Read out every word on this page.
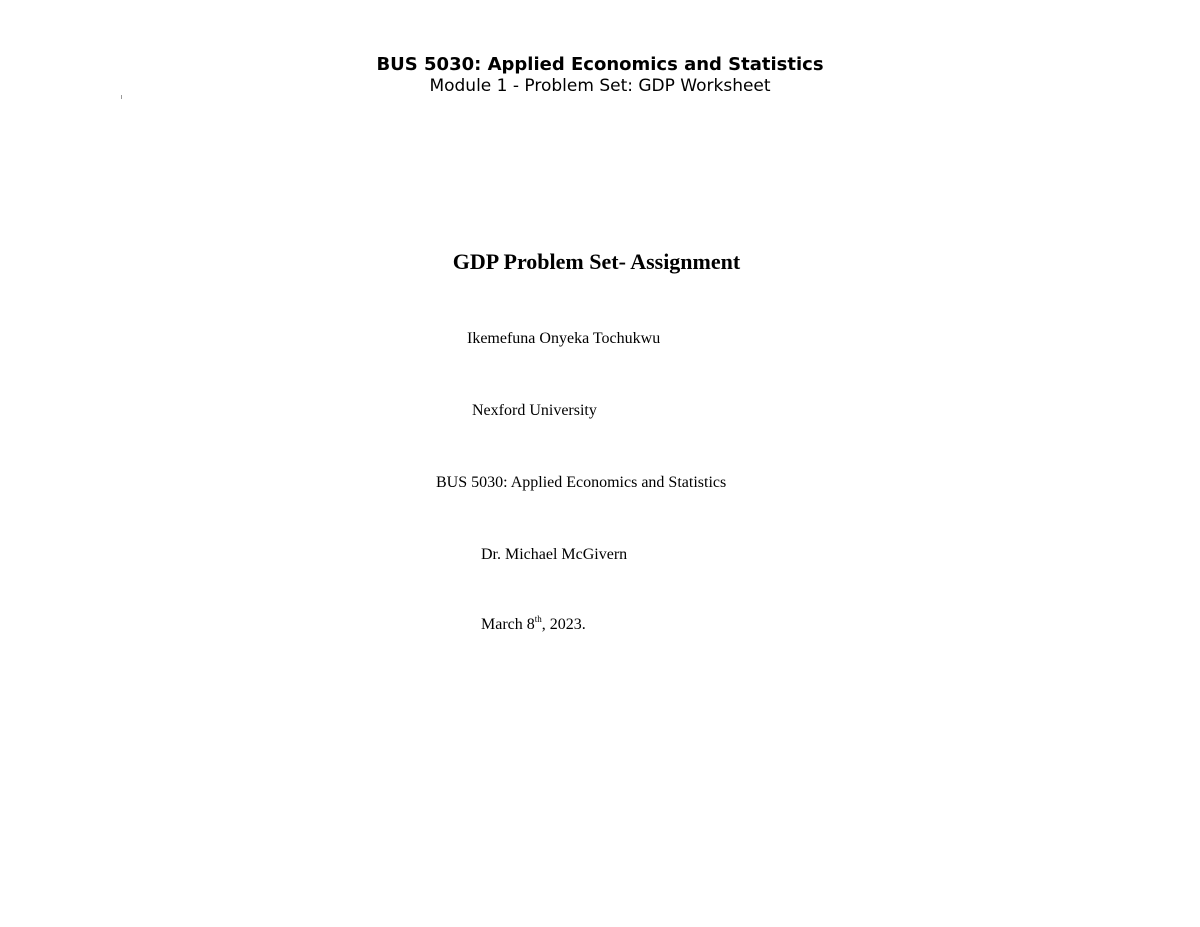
BUS 5030: Applied Economics and Statistics
Module 1 - Problem Set: GDP Worksheet
GDP Problem Set- Assignment
Ikemefuna Onyeka Tochukwu
Nexford University
BUS 5030: Applied Economics and Statistics
Dr. Michael McGivern
March 8th, 2023.
